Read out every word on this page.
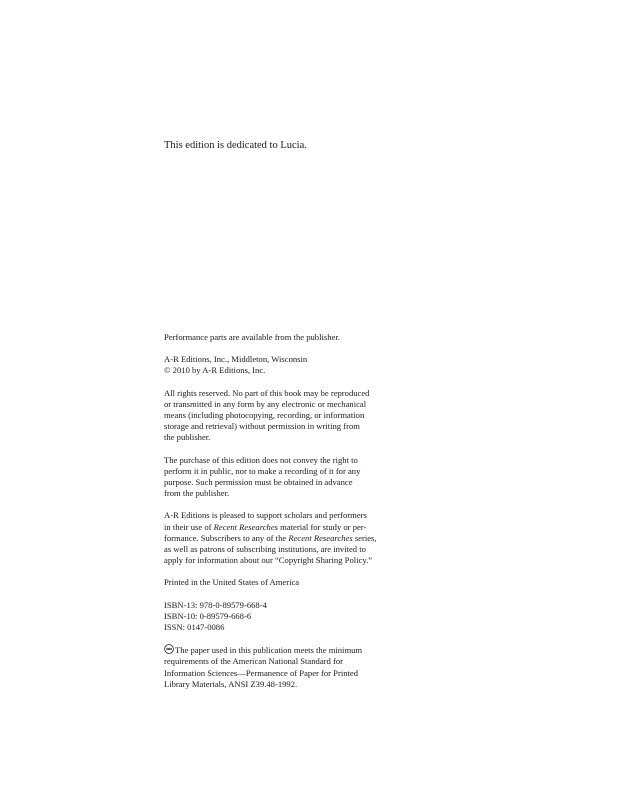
This edition is dedicated to Lucia.

Performance parts are available from the publisher.

A-R Editions, Inc., Middleton, Wisconsin
© 2010 by A-R Editions, Inc.

All rights reserved. No part of this book may be reproduced
or transmitted in any form by any electronic or mechanical
means (including photocopying, recording, or information
storage and retrieval) without permission in writing from
the publisher.

The purchase of this edition does not convey the right to
perform it in public, nor to make a recording of it for any
purpose. Such permission must be obtained in advance
from the publisher.

A-R Editions is pleased to support scholars and performers
in their use of Recent Researches material for study or per-
formance. Subscribers to any of the Recent Researches series,
as well as patrons of subscribing institutions, are invited to
apply for information about our “Copyright Sharing Policy.”

Printed in the United States of America

ISBN-13: 978-0-89579-668-4
ISBN-10: 0-89579-668-6
ISSN: 0147-0086

The paper used in this publication meets the minimum
requirements of the American National Standard for
Information Sciences—Permanence of Paper for Printed
Library Materials, ANSI Z39.48-1992.
